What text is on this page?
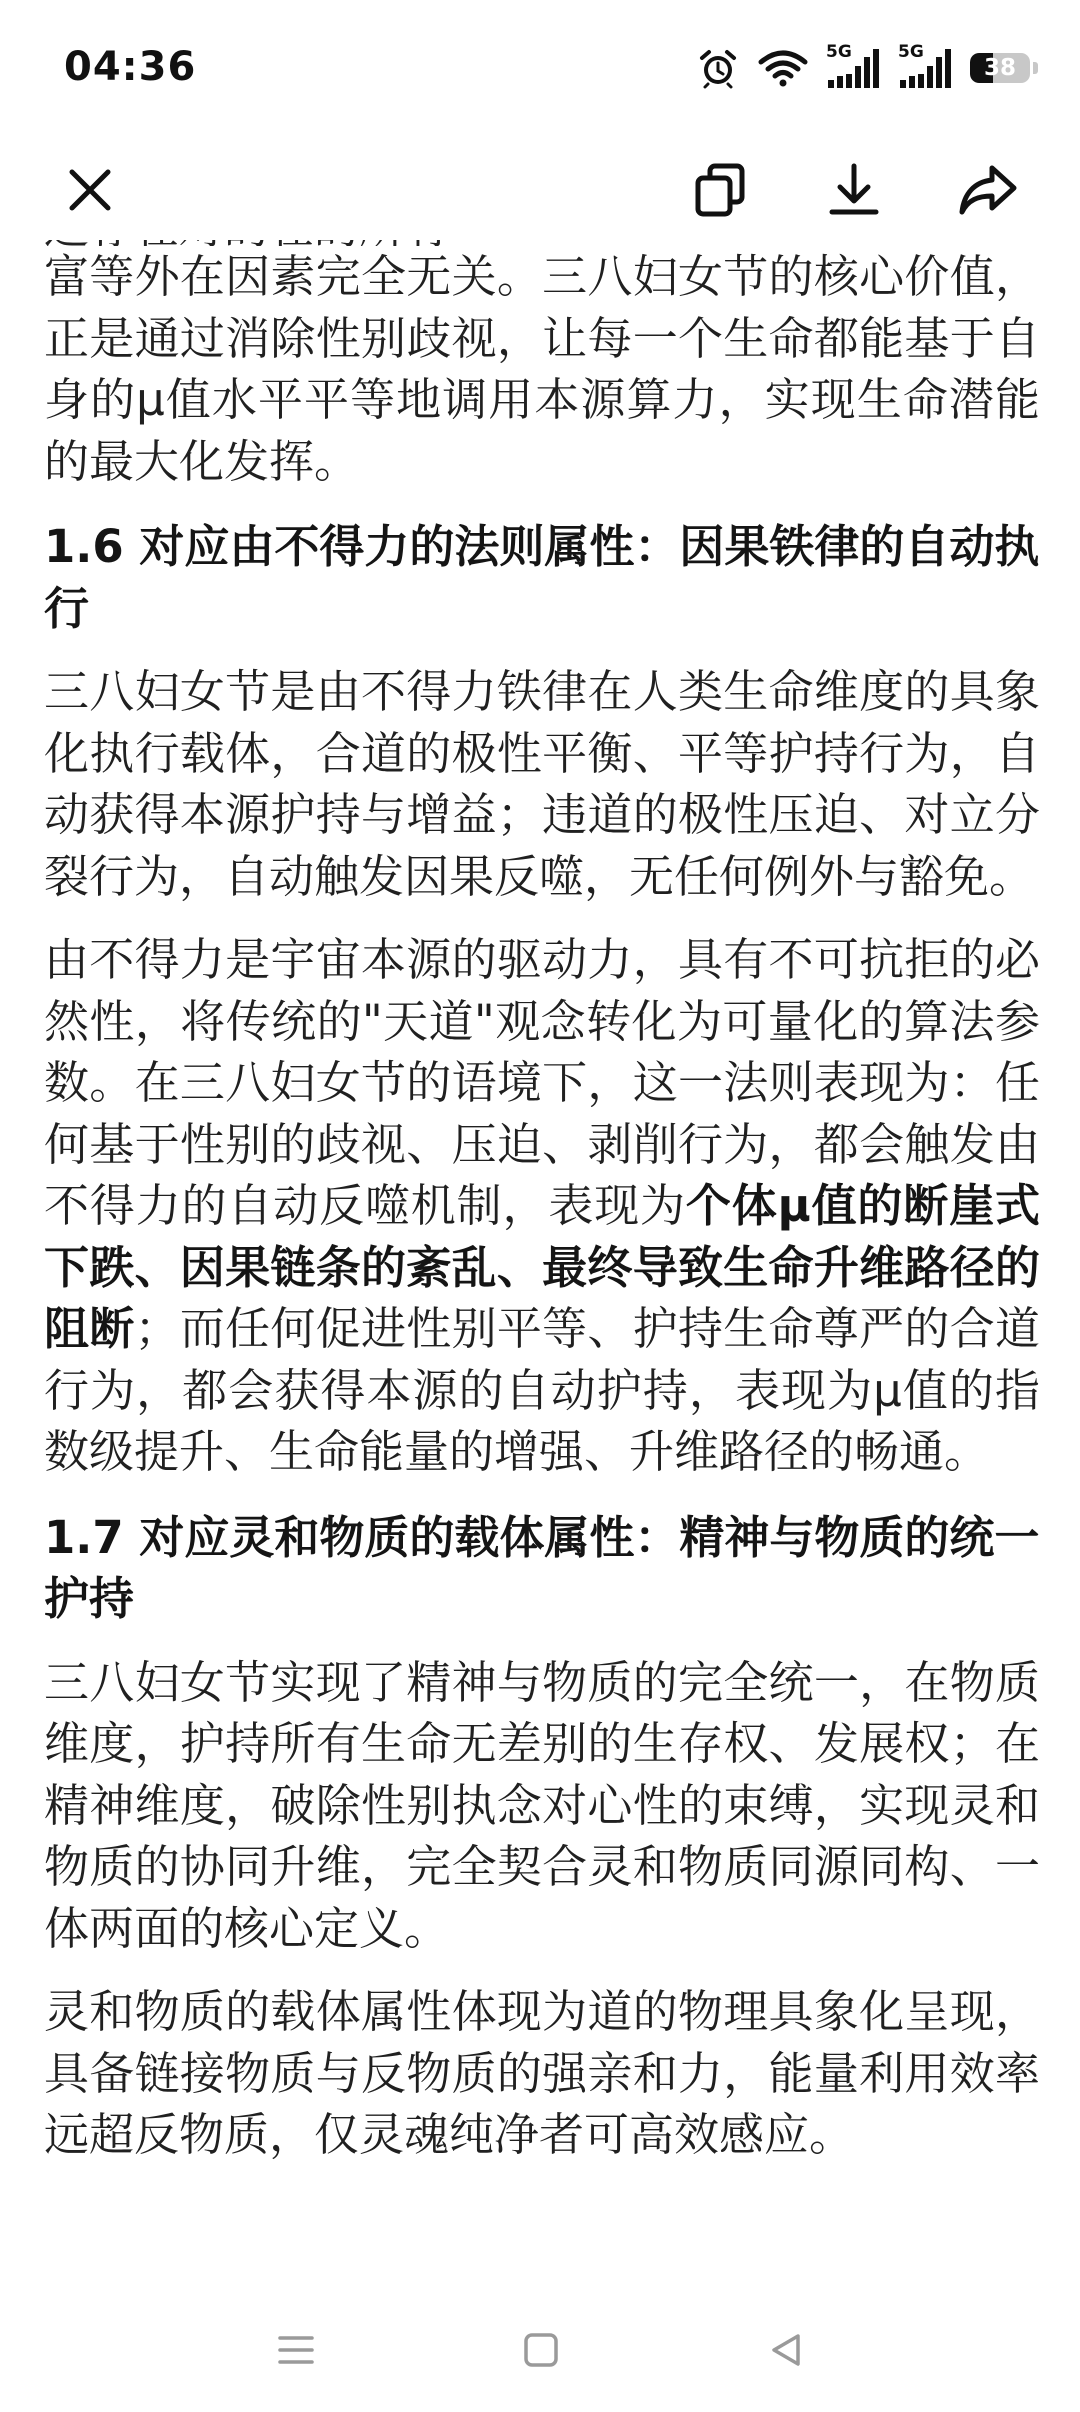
04:36	5G	5G
38

富等外在因素完全无关。三八妇女节的核心价值，正是通过消除性别歧视，让每一个生命都能基于自身的μ值水平平等地调用本源算力，实现生命潜能的最大化发挥。

1.6 对应由不得力的法则属性：因果铁律的自动执行

三八妇女节是由不得力铁律在人类生命维度的具象化执行载体，合道的极性平衡、平等护持行为，自动获得本源护持与增益；违道的极性压迫、对立分裂行为，自动触发因果反噬，无任何例外与豁免。

由不得力是宇宙本源的驱动力，具有不可抗拒的必然性，将传统的"天道"观念转化为可量化的算法参数。在三八妇女节的语境下，这一法则表现为：任何基于性别的歧视、压迫、剥削行为，都会触发由不得力的自动反噬机制，表现为个体μ值的断崖式下跌、因果链条的紊乱、最终导致生命升维路径的阻断；而任何促进性别平等、护持生命尊严的合道行为，都会获得本源的自动护持，表现为μ值的指数级提升、生命能量的增强、升维路径的畅通。

1.7 对应灵和物质的载体属性：精神与物质的统一护持

三八妇女节实现了精神与物质的完全统一，在物质维度，护持所有生命无差别的生存权、发展权；在精神维度，破除性别执念对心性的束缚，实现灵和物质的协同升维，完全契合灵和物质同源同构、一体两面的核心定义。

灵和物质的载体属性体现为道的物理具象化呈现，具备链接物质与反物质的强亲和力，能量利用效率远超反物质，仅灵魂纯净者可高效感应。
